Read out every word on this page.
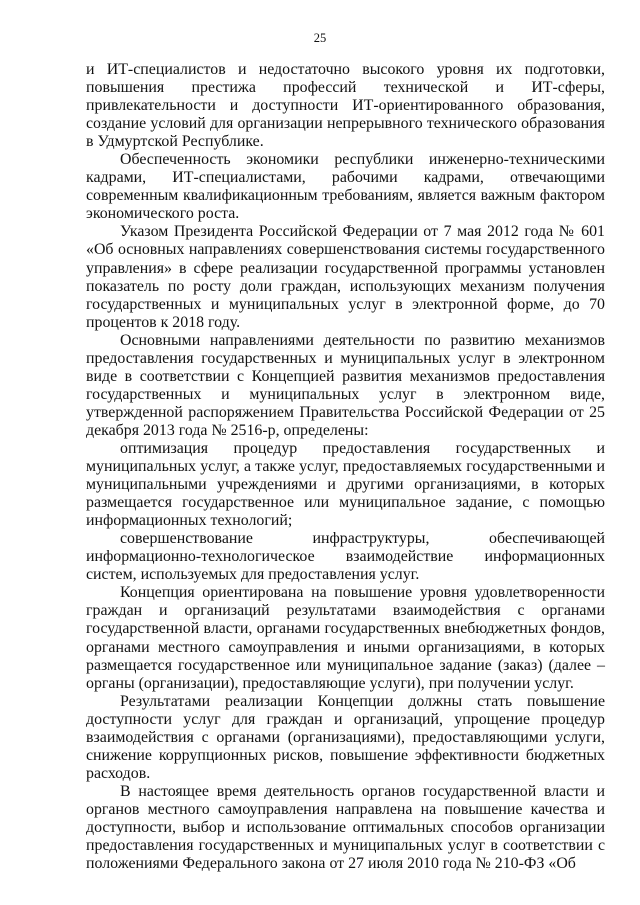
25

и ИТ-специалистов и недостаточно высокого уровня их подготовки, повышения престижа профессий технической и ИТ-сферы, привлекательности и доступности ИТ-ориентированного образования, создание условий для организации непрерывного технического образования в Удмуртской Республике.

Обеспеченность экономики республики инженерно-техническими кадрами, ИТ-специалистами, рабочими кадрами, отвечающими современным квалификационным требованиям, является важным фактором экономического роста.

Указом Президента Российской Федерации от 7 мая 2012 года № 601 «Об основных направлениях совершенствования системы государственного управления» в сфере реализации государственной программы установлен показатель по росту доли граждан, использующих механизм получения государственных и муниципальных услуг в электронной форме, до 70 процентов к 2018 году.

Основными направлениями деятельности по развитию механизмов предоставления государственных и муниципальных услуг в электронном виде в соответствии с Концепцией развития механизмов предоставления государственных и муниципальных услуг в электронном виде, утвержденной распоряжением Правительства Российской Федерации от 25 декабря 2013 года № 2516-р, определены:

оптимизация процедур предоставления государственных и муниципальных услуг, а также услуг, предоставляемых государственными и муниципальными учреждениями и другими организациями, в которых размещается государственное или муниципальное задание, с помощью информационных технологий;

совершенствование инфраструктуры, обеспечивающей информационно-технологическое взаимодействие информационных систем, используемых для предоставления услуг.

Концепция ориентирована на повышение уровня удовлетворенности граждан и организаций результатами взаимодействия с органами государственной власти, органами государственных внебюджетных фондов, органами местного самоуправления и иными организациями, в которых размещается государственное или муниципальное задание (заказ) (далее – органы (организации), предоставляющие услуги), при получении услуг.

Результатами реализации Концепции должны стать повышение доступности услуг для граждан и организаций, упрощение процедур взаимодействия с органами (организациями), предоставляющими услуги, снижение коррупционных рисков, повышение эффективности бюджетных расходов.

В настоящее время деятельность органов государственной власти и органов местного самоуправления направлена на повышение качества и доступности, выбор и использование оптимальных способов организации предоставления государственных и муниципальных услуг в соответствии с положениями Федерального закона от 27 июля 2010 года № 210-ФЗ «Об
